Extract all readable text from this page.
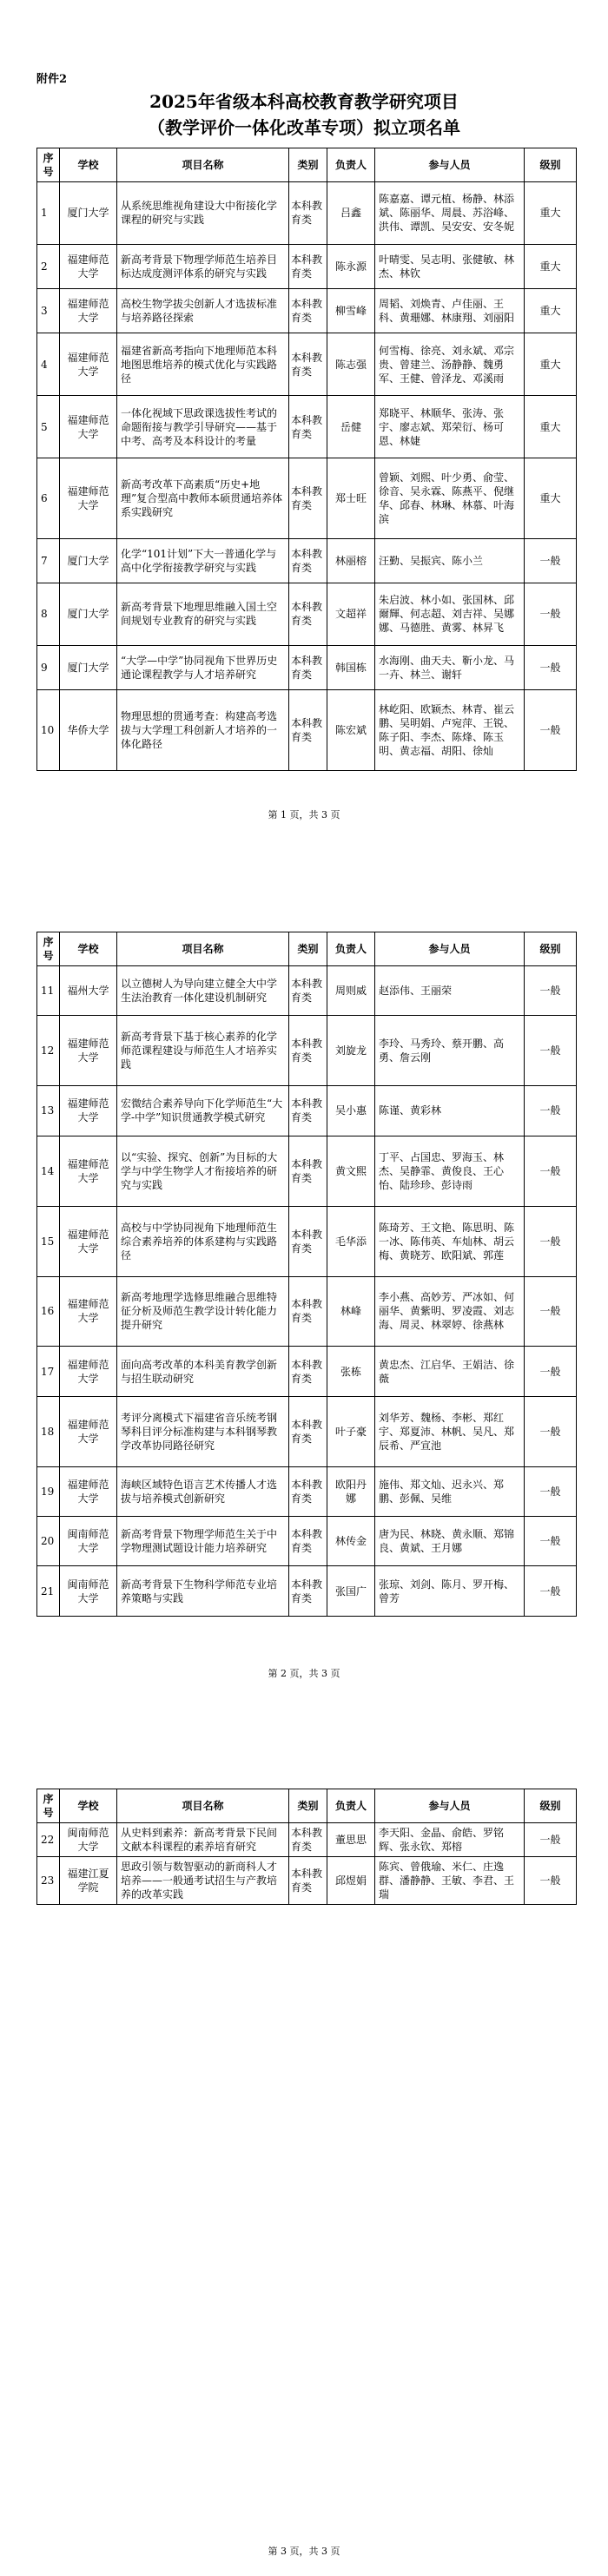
附件2
2025年省级本科高校教育教学研究项目
（教学评价一体化改革专项）拟立项名单
序号	学校	项目名称	类别	负责人	参与人员	级别
1	厦门大学	从系统思维视角建设大中衔接化学课程的研究与实践	本科教育类	吕鑫	陈嘉嘉、谭元植、杨静、林添斌、陈丽华、周晨、苏浴峰、洪伟、谭凯、吴安安、安冬妮	重大
2	福建师范大学	新高考背景下物理学师范生培养目标达成度测评体系的研究与实践	本科教育类	陈永源	叶晴雯、吴志明、张健敏、林杰、林钦	重大
3	福建师范大学	高校生物学拔尖创新人才选拔标准与培养路径探索	本科教育类	柳雪峰	周韬、刘焕青、卢佳丽、王科、黄珊娜、林康翔、刘丽阳	重大
4	福建师范大学	福建省新高考指向下地理师范本科地图思维培养的模式优化与实践路径	本科教育类	陈志强	何雪梅、徐亮、刘永斌、邓宗贵、曾建兰、汤静静、魏勇军、王健、曾泽龙、邓溪雨	重大
5	福建师范大学	一体化视域下思政课选拔性考试的命题衔接与教学引导研究——基于中考、高考及本科设计的考量	本科教育类	岳健	郑晓平、林顺华、张涛、张宇、廖志斌、郑荣衍、杨可恩、林婕	重大
6	福建师范大学	新高考改革下高素质“历史+地理”复合型高中教师本硕贯通培养体系实践研究	本科教育类	郑士旺	曾颖、刘熙、叶少勇、俞莹、徐音、吴永霖、陈燕平、倪继华、邱春、林琳、林慕、叶海滨	重大
7	厦门大学	化学“101计划”下大一普通化学与高中化学衔接教学研究与实践	本科教育类	林丽榕	汪勤、吴振宾、陈小兰	一般
8	厦门大学	新高考背景下地理思维融入国土空间规划专业教育的研究与实践	本科教育类	文超祥	朱启波、林小如、张国林、邱爾輝、何志超、刘吉祥、吴娜娜、马德胜、黄雾、林昇飞	一般
9	厦门大学	“大学—中学”协同视角下世界历史通论课程教学与人才培养研究	本科教育类	韩国栋	水海刚、曲天夫、靳小龙、马一卉、林兰、谢轩	一般
10	华侨大学	物理思想的贯通考查：构建高考选拔与大学理工科创新人才培养的一体化路径	本科教育类	陈宏斌	林屹阳、欧颖杰、林青、崔云鹏、吴明娟、卢宛萍、王锐、陈子阳、李杰、陈烽、陈玉明、黄志福、胡阳、徐灿	一般
第 1 页，共 3 页
序号	学校	项目名称	类别	负责人	参与人员	级别
11	福州大学	以立德树人为导向建立健全大中学生法治教育一体化建设机制研究	本科教育类	周则威	赵添伟、王丽荣	一般
12	福建师范大学	新高考背景下基于核心素养的化学师范课程建设与师范生人才培养实践	本科教育类	刘旋龙	李玲、马秀玲、蔡开鹏、高勇、詹云刚	一般
13	福建师范大学	宏微结合素养导向下化学师范生“大学-中学”知识贯通教学模式研究	本科教育类	吴小惠	陈谨、黄彩林	一般
14	福建师范大学	以“实验、探究、创新”为目标的大学与中学生物学人才衔接培养的研究与实践	本科教育类	黄文熙	丁平、占国忠、罗海玉、林杰、吴静霏、黄俊良、王心怡、陆珍珍、彭诗雨	一般
15	福建师范大学	高校与中学协同视角下地理师范生综合素养培养的体系建构与实践路径	本科教育类	毛华添	陈琦芳、王文艳、陈思明、陈一冰、陈伟英、车灿林、胡云梅、黄晓芳、欧阳斌、郭莲	一般
16	福建师范大学	新高考地理学选修思维融合思维特征分析及师范生教学设计转化能力提升研究	本科教育类	林峰	李小燕、高妙芳、严冰如、何丽华、黄紫明、罗凌霞、刘志海、周灵、林翠婷、徐燕林	一般
17	福建师范大学	面向高考改革的本科美育教学创新与招生联动研究	本科教育类	张栋	黄忠杰、江启华、王娟洁、徐薇	一般
18	福建师范大学	考评分离模式下福建省音乐统考钢琴科目评分标准构建与本科钢琴教学改革协同路径研究	本科教育类	叶子豪	刘华芳、魏杨、李彬、郑红宇、郑夏沛、林帆、吴凡、郑辰希、严宣池	一般
19	福建师范大学	海峡区域特色语言艺术传播人才选拔与培养模式创新研究	本科教育类	欧阳丹娜	施伟、郑文灿、迟永兴、郑鹏、彭佩、吴维	一般
20	闽南师范大学	新高考背景下物理学师范生关于中学物理测试题设计能力培养研究	本科教育类	林传金	唐为民、林晓、黄永顺、郑锦良、黄斌、王月娜	一般
21	闽南师范大学	新高考背景下生物科学师范专业培养策略与实践	本科教育类	张国广	张琼、刘剑、陈月、罗开梅、曾芳	一般
第 2 页，共 3 页
序号	学校	项目名称	类别	负责人	参与人员	级别
22	闽南师范大学	从史料到素养：新高考背景下民间文献本科课程的素养培育研究	本科教育类	董思思	李天阳、金晶、俞皓、罗铭辉、张永钦、郑榕	一般
23	福建江夏学院	思政引领与数智驱动的新商科人才培养——一般通考试招生与产教培养的改革实践	本科教育类	邱煜娟	陈宾、曾俄瑜、米仁、庄逸群、潘静静、王敏、李君、王瑞	一般
第 3 页，共 3 页
